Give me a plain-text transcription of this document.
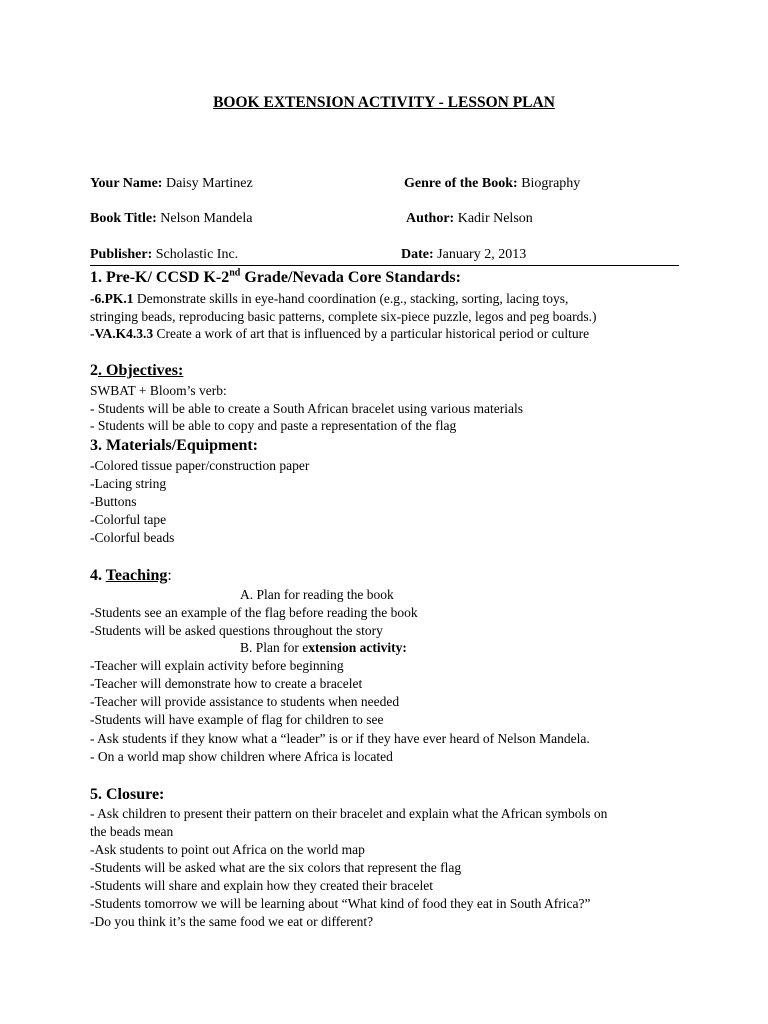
BOOK EXTENSION ACTIVITY - LESSON PLAN
Your Name: Daisy Martinez	Genre of the Book: Biography
Book Title: Nelson Mandela	Author: Kadir Nelson
Publisher: Scholastic Inc.	Date: January 2, 2013
1. Pre-K/ CCSD K-2nd Grade/Nevada Core Standards:
-6.PK.1 Demonstrate skills in eye-hand coordination (e.g., stacking, sorting, lacing toys,
stringing beads, reproducing basic patterns, complete six-piece puzzle, legos and peg boards.)
-VA.K4.3.3 Create a work of art that is influenced by a particular historical period or culture
2. Objectives:
SWBAT + Bloom’s verb:
- Students will be able to create a South African bracelet using various materials
- Students will be able to copy and paste a representation of the flag
3. Materials/Equipment:
-Colored tissue paper/construction paper
-Lacing string
-Buttons
-Colorful tape
-Colorful beads
4. Teaching:
A. Plan for reading the book
-Students see an example of the flag before reading the book
-Students will be asked questions throughout the story
B. Plan for extension activity:
-Teacher will explain activity before beginning
-Teacher will demonstrate how to create a bracelet
-Teacher will provide assistance to students when needed
-Students will have example of flag for children to see
- Ask students if they know what a “leader” is or if they have ever heard of Nelson Mandela.
- On a world map show children where Africa is located
5. Closure:
- Ask children to present their pattern on their bracelet and explain what the African symbols on
the beads mean
-Ask students to point out Africa on the world map
-Students will be asked what are the six colors that represent the flag
-Students will share and explain how they created their bracelet
-Students tomorrow we will be learning about “What kind of food they eat in South Africa?”
-Do you think it’s the same food we eat or different?
